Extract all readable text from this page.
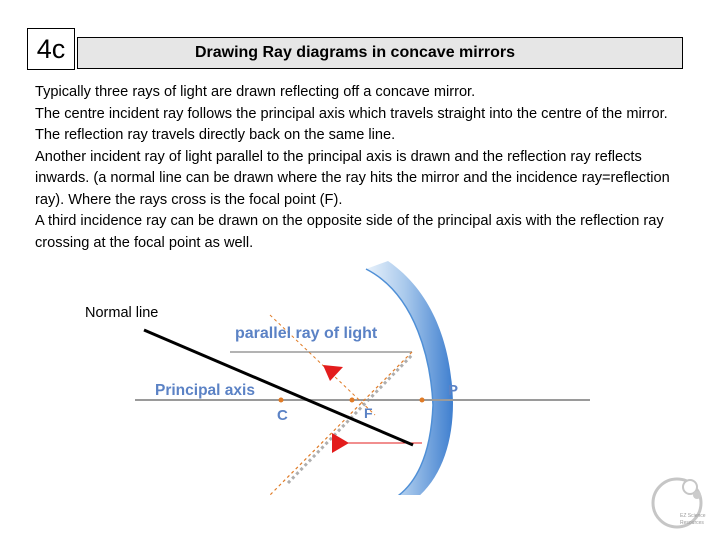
4c	Drawing Ray diagrams in concave mirrors

Typically three rays of light are drawn reflecting off a concave mirror.

The centre incident ray follows the principal axis which travels straight into the centre of the mirror. The reflection ray travels directly back on the same line.

Another incident ray of light parallel to the principal axis is drawn and the reflection ray reflects inwards. (a normal line can be drawn where the ray hits the mirror and the incidence ray=reflection ray). Where the rays cross is the focal point (F).

A third incidence ray can be drawn on the opposite side of the principal axis with the reflection ray crossing at the focal point as well.

parallel ray of light
Principal axis
C	F
P
Normal line
EZ Science
Resources
